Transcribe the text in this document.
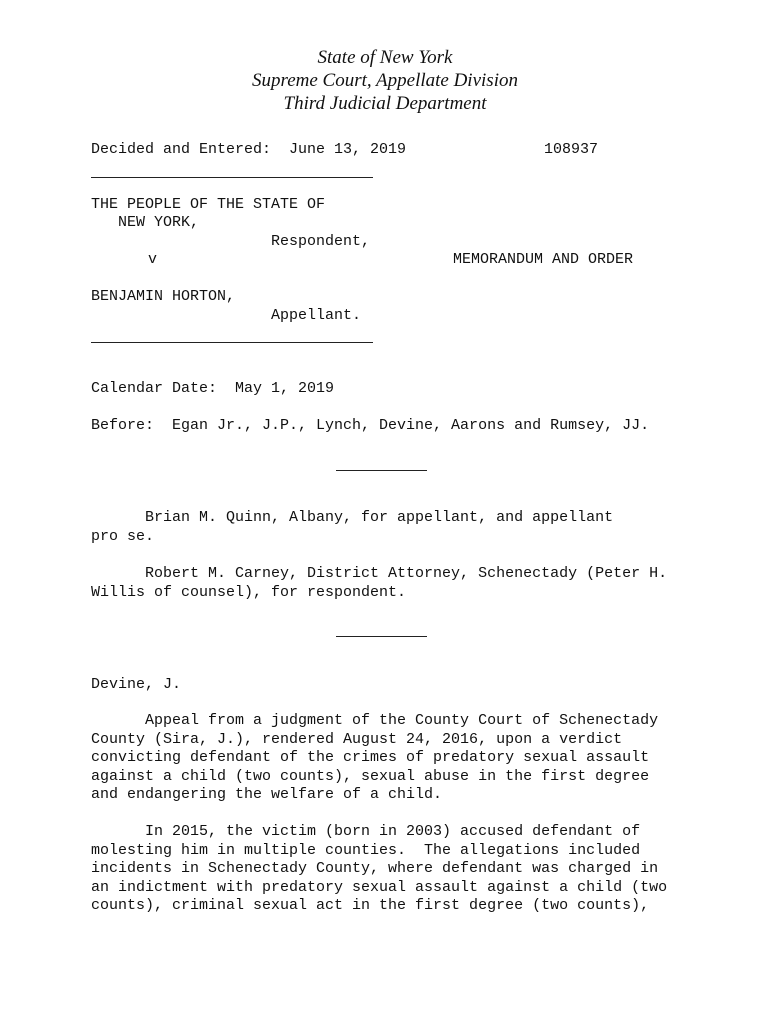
State of New York
Supreme Court, Appellate Division
Third Judicial Department
Decided and Entered:  June 13, 2019	108937
THE PEOPLE OF THE STATE OF
NEW YORK,
Respondent,
v	MEMORANDUM AND ORDER
BENJAMIN HORTON,
Appellant.
Calendar Date:  May 1, 2019
Before:  Egan Jr., J.P., Lynch, Devine, Aarons and Rumsey, JJ.
Brian M. Quinn, Albany, for appellant, and appellant
pro se.
Robert M. Carney, District Attorney, Schenectady (Peter H.
Willis of counsel), for respondent.
Devine, J.
Appeal from a judgment of the County Court of Schenectady
County (Sira, J.), rendered August 24, 2016, upon a verdict
convicting defendant of the crimes of predatory sexual assault
against a child (two counts), sexual abuse in the first degree
and endangering the welfare of a child.
In 2015, the victim (born in 2003) accused defendant of
molesting him in multiple counties.  The allegations included
incidents in Schenectady County, where defendant was charged in
an indictment with predatory sexual assault against a child (two
counts), criminal sexual act in the first degree (two counts),
